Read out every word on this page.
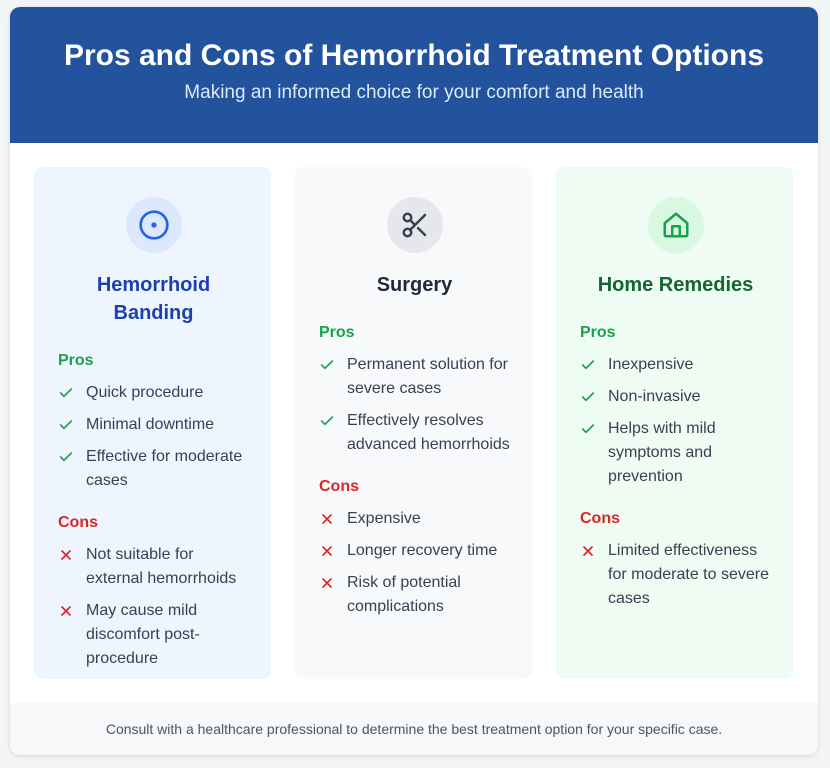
Pros and Cons of Hemorrhoid Treatment Options

Making an informed choice for your comfort and health

Hemorrhoid Banding
Pros
Quick procedure
Minimal downtime
Effective for moderate cases
Cons
Not suitable for external hemorrhoids
May cause mild discomfort post-procedure
Surgery
Pros
Permanent solution for severe cases
Effectively resolves advanced hemorrhoids
Cons
Expensive
Longer recovery time
Risk of potential complications
Home Remedies
Pros
Inexpensive
Non-invasive
Helps with mild symptoms and prevention
Cons
Limited effectiveness for moderate to severe cases
Consult with a healthcare professional to determine the best treatment option for your specific case.
